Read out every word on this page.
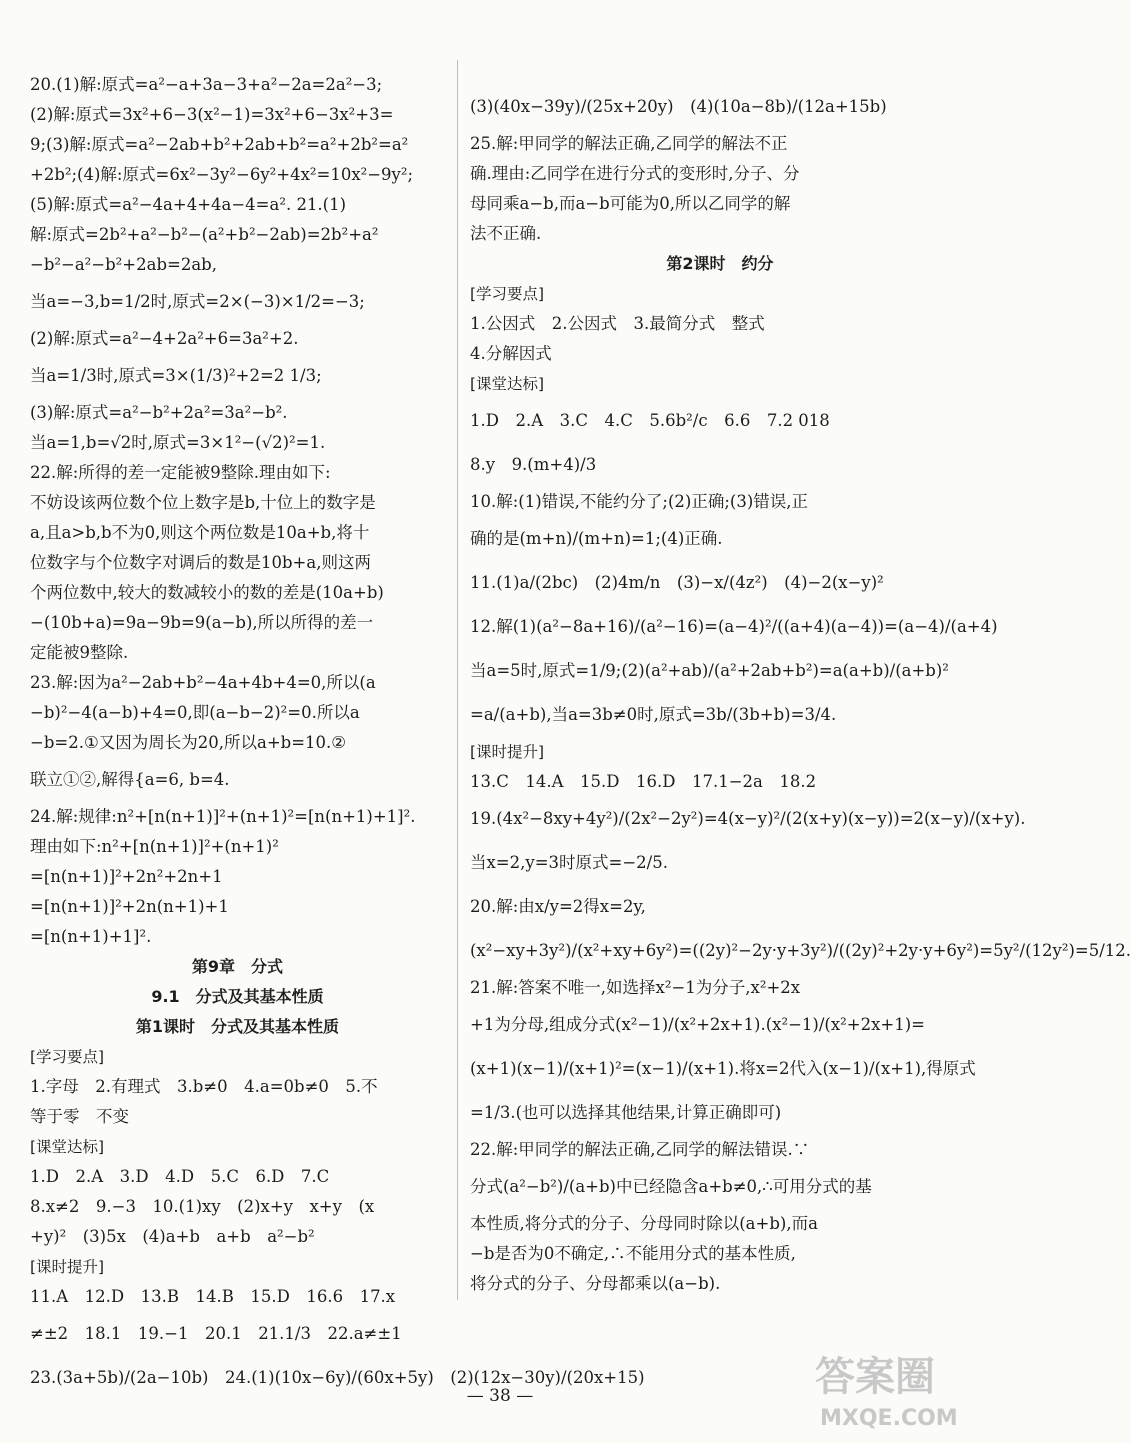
20.(1)解:原式=a²−a+3a−3+a²−2a=2a²−3;
(2)解:原式=3x²+6−3(x²−1)=3x²+6−3x²+3=
9;(3)解:原式=a²−2ab+b²+2ab+b²=a²+2b²=a²
+2b²;(4)解:原式=6x²−3y²−6y²+4x²=10x²−9y²;
(5)解:原式=a²−4a+4+4a−4=a². 21.(1)
解:原式=2b²+a²−b²−(a²+b²−2ab)=2b²+a²
−b²−a²−b²+2ab=2ab,
当a=−3,b=1/2时,原式=2×(−3)×1/2=−3;
(2)解:原式=a²−4+2a²+6=3a²+2.
当a=1/3时,原式=3×(1/3)²+2=2 1/3;
(3)解:原式=a²−b²+2a²=3a²−b².
当a=1,b=√2时,原式=3×1²−(√2)²=1.
22.解:所得的差一定能被9整除.理由如下:
不妨设该两位数个位上数字是b,十位上的数字是
a,且a>b,b不为0,则这个两位数是10a+b,将十
位数字与个位数字对调后的数是10b+a,则这两
个两位数中,较大的数减较小的数的差是(10a+b)
−(10b+a)=9a−9b=9(a−b),所以所得的差一
定能被9整除.
23.解:因为a²−2ab+b²−4a+4b+4=0,所以(a
−b)²−4(a−b)+4=0,即(a−b−2)²=0.所以a
−b=2.①又因为周长为20,所以a+b=10.②
联立①②,解得{a=6, b=4.
24.解:规律:n²+[n(n+1)]²+(n+1)²=[n(n+1)+1]².
理由如下:n²+[n(n+1)]²+(n+1)²
=[n(n+1)]²+2n²+2n+1
=[n(n+1)]²+2n(n+1)+1
=[n(n+1)+1]².
第9章　分式
9.1　分式及其基本性质
第1课时　分式及其基本性质
[学习要点]
1.字母　2.有理式　3.b≠0　4.a=0b≠0　5.不
等于零　不变
[课堂达标]
1.D　2.A　3.D　4.D　5.C　6.D　7.C
8.x≠2　9.−3　10.(1)xy　(2)x+y　x+y　(x
+y)²　(3)5x　(4)a+b　a+b　a²−b²
[课时提升]
11.A　12.D　13.B　14.B　15.D　16.6　17.x
≠±2　18.1　19.−1　20.1　21.1/3　22.a≠±1
23.(3a+5b)/(2a−10b)　24.(1)(10x−6y)/(60x+5y)　(2)(12x−30y)/(20x+15)
(3)(40x−39y)/(25x+20y)　(4)(10a−8b)/(12a+15b)
25.解:甲同学的解法正确,乙同学的解法不正
确.理由:乙同学在进行分式的变形时,分子、分
母同乘a−b,而a−b可能为0,所以乙同学的解
法不正确.
第2课时　约分
[学习要点]
1.公因式　2.公因式　3.最简分式　整式
4.分解因式
[课堂达标]
1.D　2.A　3.C　4.C　5.6b²/c　6.6　7.2 018
8.y　9.(m+4)/3
10.解:(1)错误,不能约分了;(2)正确;(3)错误,正
确的是(m+n)/(m+n)=1;(4)正确.
11.(1)a/(2bc)　(2)4m/n　(3)−x/(4z²)　(4)−2(x−y)²
12.解(1)(a²−8a+16)/(a²−16)=(a−4)²/((a+4)(a−4))=(a−4)/(a+4)
当a=5时,原式=1/9;(2)(a²+ab)/(a²+2ab+b²)=a(a+b)/(a+b)²
=a/(a+b),当a=3b≠0时,原式=3b/(3b+b)=3/4.
[课时提升]
13.C　14.A　15.D　16.D　17.1−2a　18.2
19.(4x²−8xy+4y²)/(2x²−2y²)=4(x−y)²/(2(x+y)(x−y))=2(x−y)/(x+y).
当x=2,y=3时原式=−2/5.
20.解:由x/y=2得x=2y,
(x²−xy+3y²)/(x²+xy+6y²)=((2y)²−2y·y+3y²)/((2y)²+2y·y+6y²)=5y²/(12y²)=5/12.
21.解:答案不唯一,如选择x²−1为分子,x²+2x
+1为分母,组成分式(x²−1)/(x²+2x+1).(x²−1)/(x²+2x+1)=
(x+1)(x−1)/(x+1)²=(x−1)/(x+1).将x=2代入(x−1)/(x+1),得原式
=1/3.(也可以选择其他结果,计算正确即可)
22.解:甲同学的解法正确,乙同学的解法错误.∵
分式(a²−b²)/(a+b)中已经隐含a+b≠0,∴可用分式的基
本性质,将分式的分子、分母同时除以(a+b),而a
−b是否为0不确定,∴不能用分式的基本性质,
将分式的分子、分母都乘以(a−b).
— 38 —	答案圈
MXQE.COM
